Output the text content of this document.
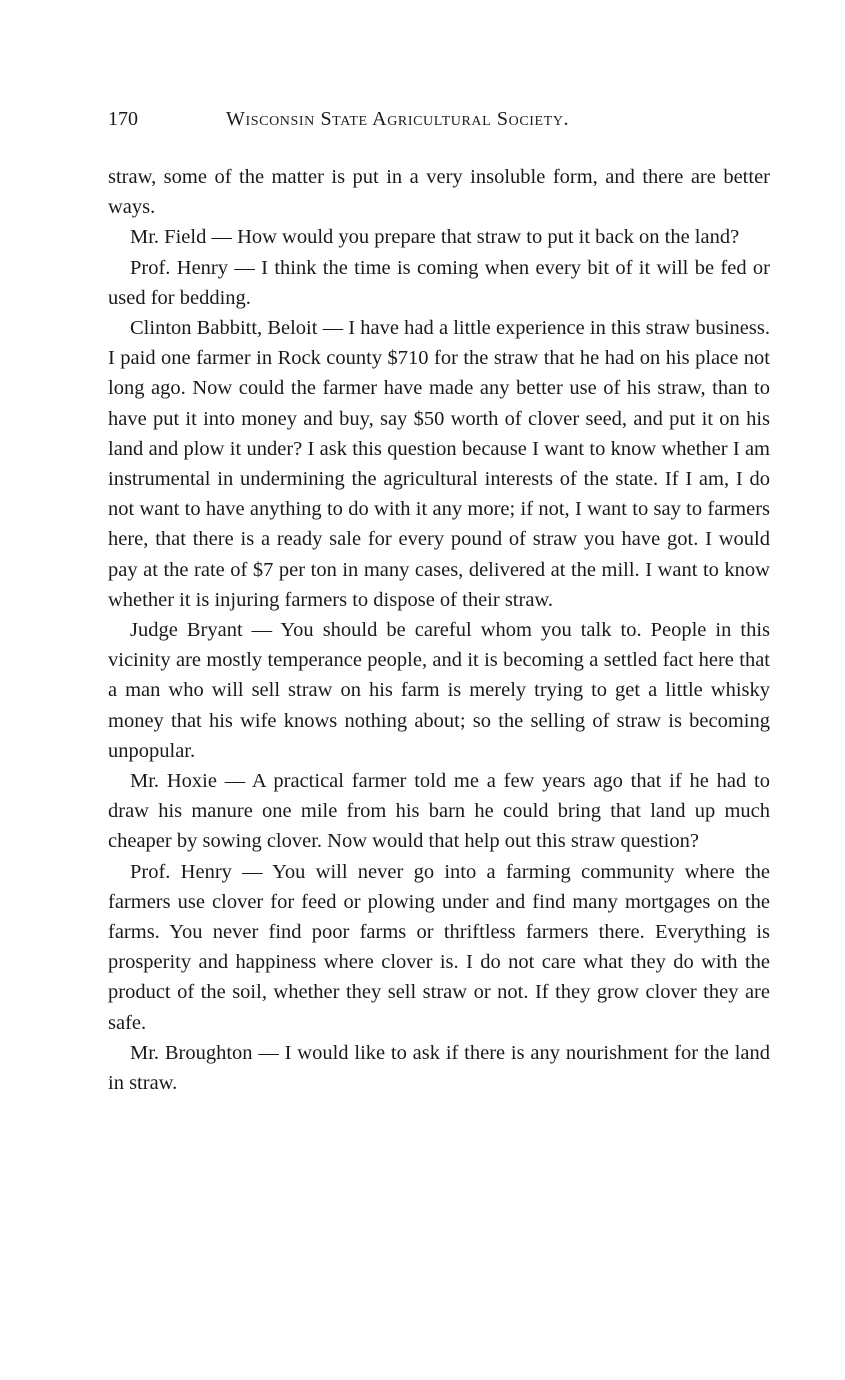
170	Wisconsin State Agricultural Society.

straw, some of the matter is put in a very insoluble form, and there are better ways.

Mr. Field — How would you prepare that straw to put it back on the land?

Prof. Henry — I think the time is coming when every bit of it will be fed or used for bedding.

Clinton Babbitt, Beloit — I have had a little experience in this straw business. I paid one farmer in Rock county $710 for the straw that he had on his place not long ago. Now could the farmer have made any better use of his straw, than to have put it into money and buy, say $50 worth of clover seed, and put it on his land and plow it under? I ask this question because I want to know whether I am instrumental in undermining the agricultural interests of the state. If I am, I do not want to have anything to do with it any more; if not, I want to say to farmers here, that there is a ready sale for every pound of straw you have got. I would pay at the rate of $7 per ton in many cases, delivered at the mill. I want to know whether it is injuring farmers to dispose of their straw.

Judge Bryant — You should be careful whom you talk to. People in this vicinity are mostly temperance people, and it is becoming a settled fact here that a man who will sell straw on his farm is merely trying to get a little whisky money that his wife knows nothing about; so the selling of straw is becoming unpopular.

Mr. Hoxie — A practical farmer told me a few years ago that if he had to draw his manure one mile from his barn he could bring that land up much cheaper by sowing clover. Now would that help out this straw question?

Prof. Henry — You will never go into a farming community where the farmers use clover for feed or plowing under and find many mortgages on the farms. You never find poor farms or thriftless farmers there. Everything is prosperity and happiness where clover is. I do not care what they do with the product of the soil, whether they sell straw or not. If they grow clover they are safe.

Mr. Broughton — I would like to ask if there is any nourishment for the land in straw.
